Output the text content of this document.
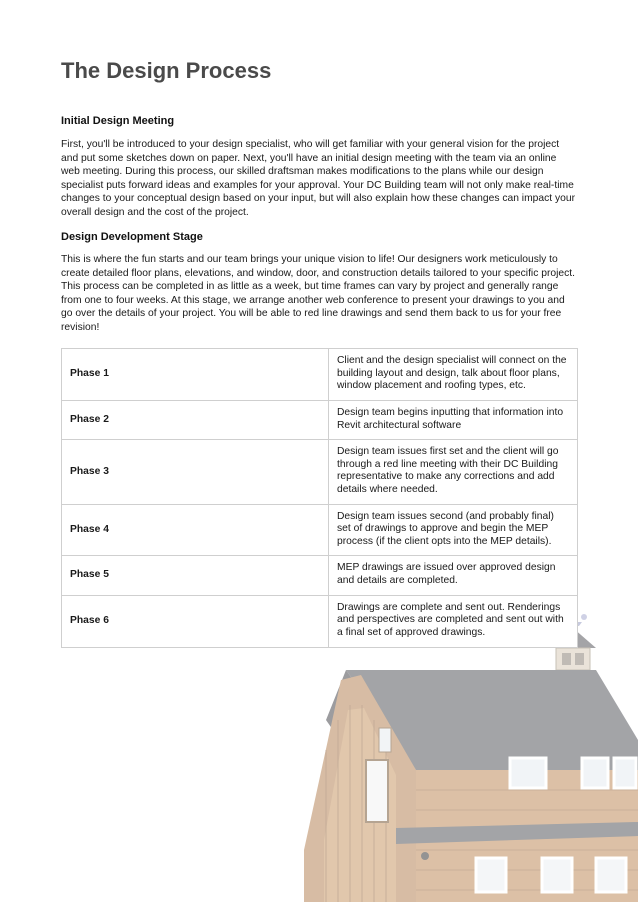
The Design Process
Initial Design Meeting

First, you'll be introduced to your design specialist, who will get familiar with your general vision for the project and put some sketches down on paper. Next, you'll have an initial design meeting with the team via an online web meeting. During this process, our skilled draftsman makes modifications to the plans while our design specialist puts forward ideas and examples for your approval. Your DC Building team will not only make real-time changes to your conceptual design based on your input, but will also explain how these changes can impact your overall design and the cost of the project.

Design Development Stage

This is where the fun starts and our team brings your unique vision to life! Our designers work meticulously to create detailed floor plans, elevations, and window, door, and construction details tailored to your specific project. This process can be completed in as little as a week, but time frames can vary by project and generally range from one to four weeks. At this stage, we arrange another web conference to present your drawings to you and go over the details of your project. You will be able to red line drawings and send them back to us for your free revision!

Phase 1	Client and the design specialist will connect on the building layout and design, talk about floor plans, window placement and roofing types, etc.
Phase 2	Design team begins inputting that information into Revit architectural software
Phase 3	Design team issues first set and the client will go through a red line meeting with their DC Building representative to make any corrections and add details where needed.
Phase 4	Design team issues second (and probably final) set of drawings to approve and begin the MEP process (if the client opts into the MEP details).
Phase 5	MEP drawings are issued over approved design and details are completed.
Phase 6	Drawings are complete and sent out. Renderings and perspectives are completed and sent out with a final set of approved drawings.
